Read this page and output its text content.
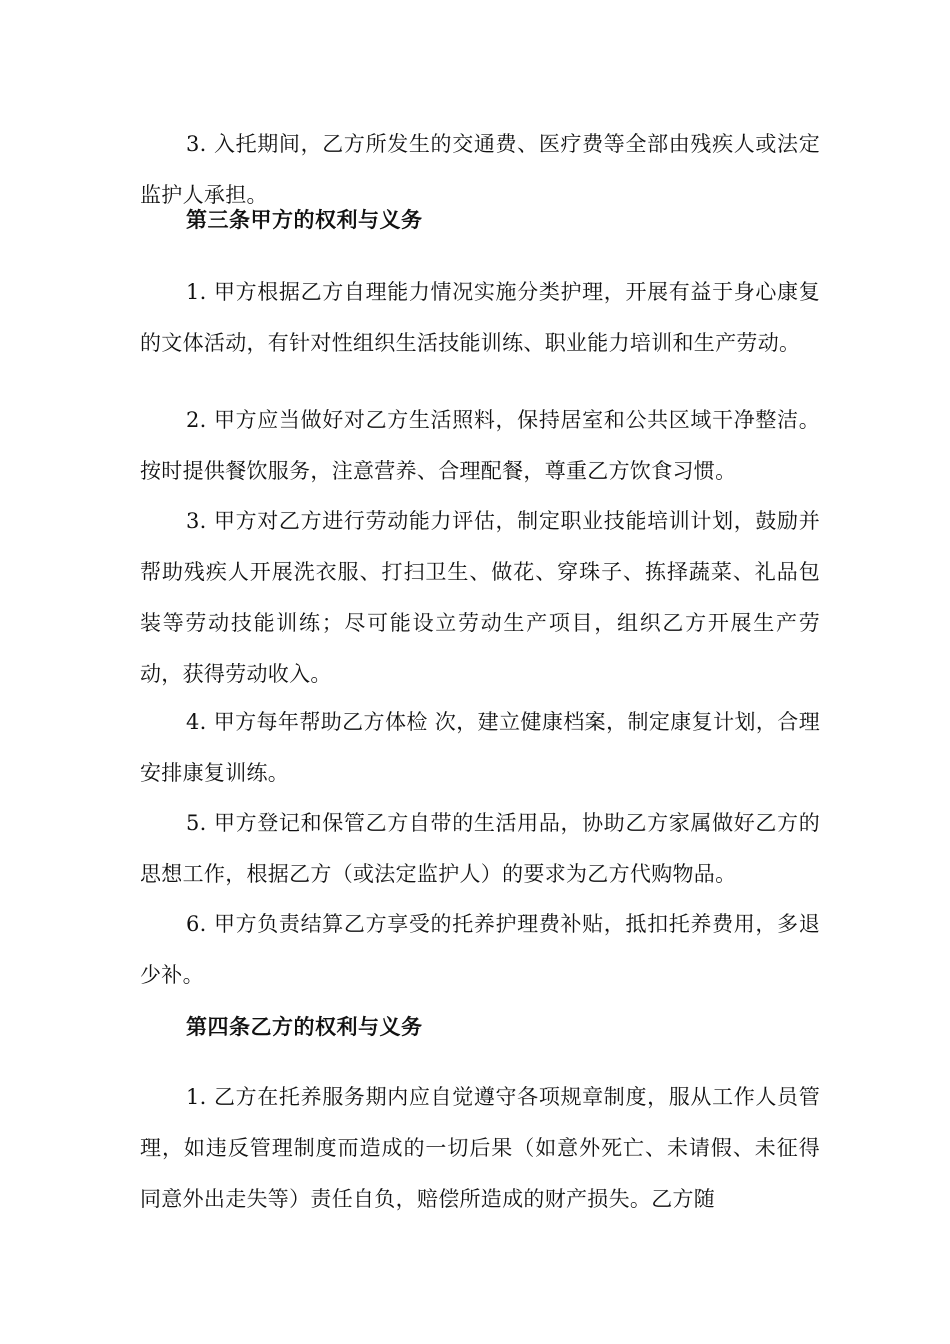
3. 入托期间，乙方所发生的交通费、医疗费等全部由残疾人或法定监护人承担。

第三条甲方的权利与义务

1. 甲方根据乙方自理能力情况实施分类护理，开展有益于身心康复的文体活动，有针对性组织生活技能训练、职业能力培训和生产劳动。

2. 甲方应当做好对乙方生活照料，保持居室和公共区域干净整洁。按时提供餐饮服务，注意营养、合理配餐，尊重乙方饮食习惯。

3. 甲方对乙方进行劳动能力评估，制定职业技能培训计划，鼓励并帮助残疾人开展洗衣服、打扫卫生、做花、穿珠子、拣择蔬菜、礼品包装等劳动技能训练；尽可能设立劳动生产项目，组织乙方开展生产劳动，获得劳动收入。

4. 甲方每年帮助乙方体检 次，建立健康档案，制定康复计划，合理安排康复训练。

5. 甲方登记和保管乙方自带的生活用品，协助乙方家属做好乙方的思想工作，根据乙方（或法定监护人）的要求为乙方代购物品。

6. 甲方负责结算乙方享受的托养护理费补贴，抵扣托养费用，多退少补。

第四条乙方的权利与义务

1. 乙方在托养服务期内应自觉遵守各项规章制度，服从工作人员管理，如违反管理制度而造成的一切后果（如意外死亡、未请假、未征得同意外出走失等）责任自负，赔偿所造成的财产损失。乙方随
